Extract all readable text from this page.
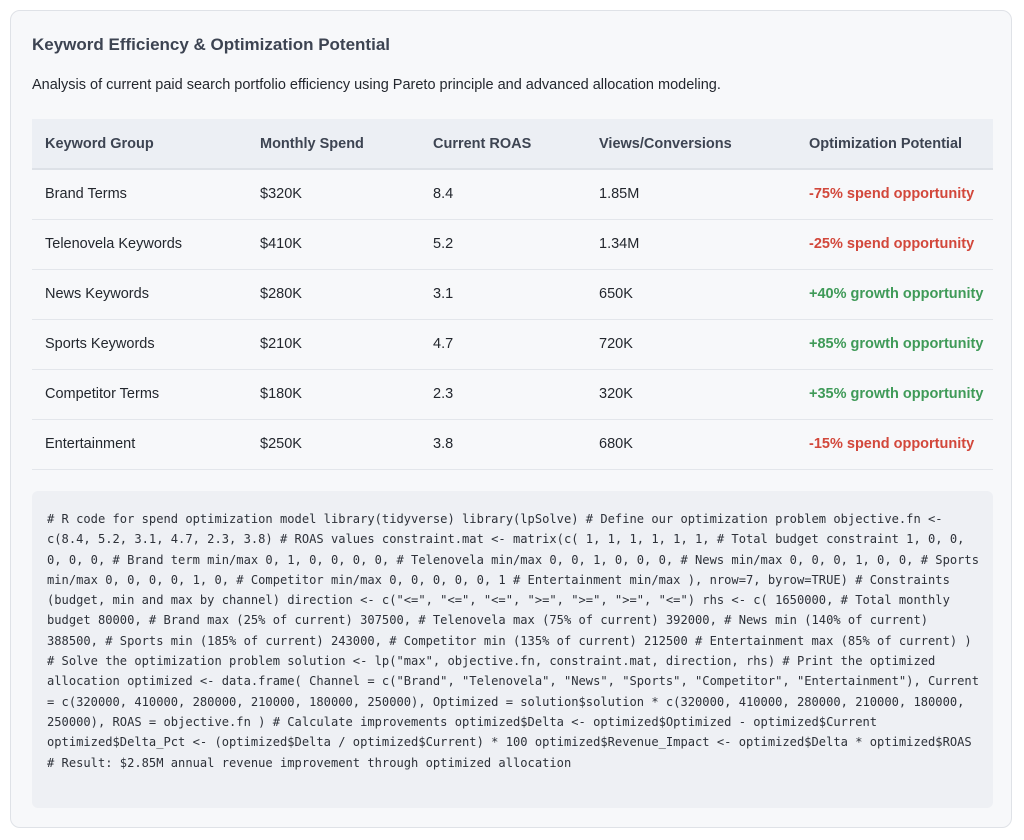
Keyword Efficiency & Optimization Potential

Analysis of current paid search portfolio efficiency using Pareto principle and advanced allocation modeling.

Keyword Group	Monthly Spend	Current ROAS	Views/Conversions	Optimization Potential
Brand Terms	$320K	8.4	1.85M	-75% spend opportunity
Telenovela Keywords	$410K	5.2	1.34M	-25% spend opportunity
News Keywords	$280K	3.1	650K	+40% growth opportunity
Sports Keywords	$210K	4.7	720K	+85% growth opportunity
Competitor Terms	$180K	2.3	320K	+35% growth opportunity
Entertainment	$250K	3.8	680K	-15% spend opportunity
# R code for spend optimization model library(tidyverse) library(lpSolve) # Define our optimization problem objective.fn <- c(8.4, 5.2, 3.1, 4.7, 2.3, 3.8) # ROAS values constraint.mat <- matrix(c( 1, 1, 1, 1, 1, 1, # Total budget constraint 1, 0, 0, 0, 0, 0, # Brand term min/max 0, 1, 0, 0, 0, 0, # Telenovela min/max 0, 0, 1, 0, 0, 0, # News min/max 0, 0, 0, 1, 0, 0, # Sports min/max 0, 0, 0, 0, 1, 0, # Competitor min/max 0, 0, 0, 0, 0, 1 # Entertainment min/max ), nrow=7, byrow=TRUE) # Constraints (budget, min and max by channel) direction <- c("<=", "<=", "<=", ">=", ">=", ">=", "<=") rhs <- c( 1650000, # Total monthly budget 80000, # Brand max (25% of current) 307500, # Telenovela max (75% of current) 392000, # News min (140% of current) 388500, # Sports min (185% of current) 243000, # Competitor min (135% of current) 212500 # Entertainment max (85% of current) ) # Solve the optimization problem solution <- lp("max", objective.fn, constraint.mat, direction, rhs) # Print the optimized allocation optimized <- data.frame( Channel = c("Brand", "Telenovela", "News", "Sports", "Competitor", "Entertainment"), Current = c(320000, 410000, 280000, 210000, 180000, 250000), Optimized = solution$solution * c(320000, 410000, 280000, 210000, 180000, 250000), ROAS = objective.fn ) # Calculate improvements optimized$Delta <- optimized$Optimized - optimized$Current optimized$Delta_Pct <- (optimized$Delta / optimized$Current) * 100 optimized$Revenue_Impact <- optimized$Delta * optimized$ROAS # Result: $2.85M annual revenue improvement through optimized allocation
